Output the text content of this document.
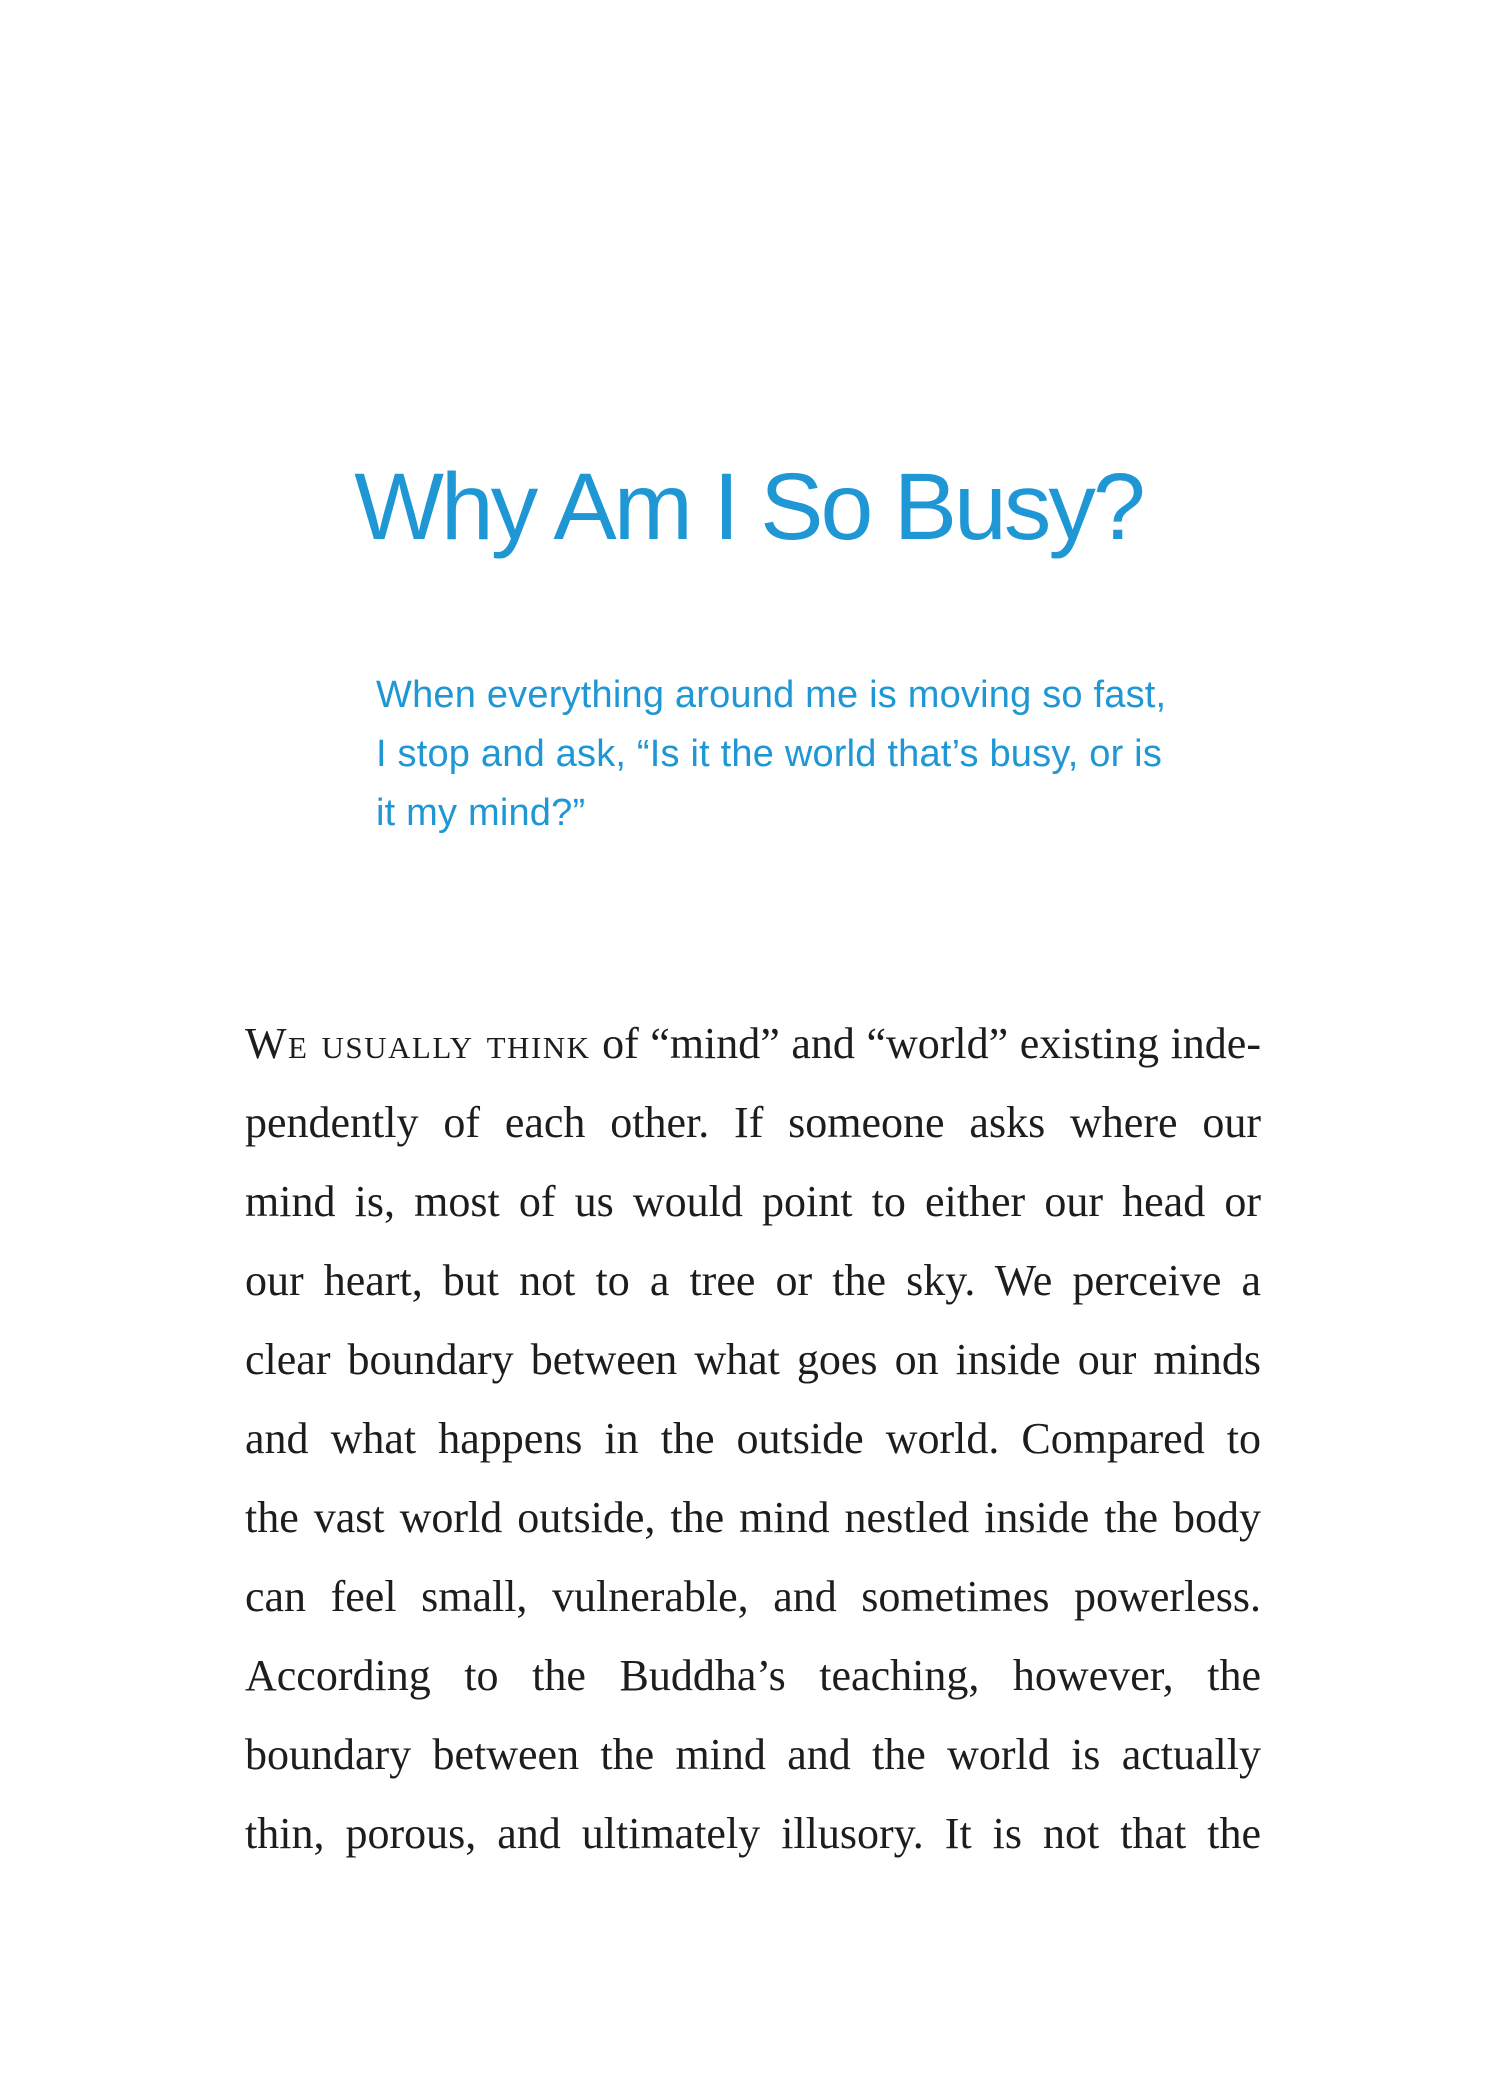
Why Am I So Busy?
When everything around me is moving so fast,
I stop and ask, “Is it the world that’s busy, or is
it my mind?”
We usually think of “mind” and “world” existing inde-
pendently of each other. If someone asks where our
mind is, most of us would point to either our head or
our heart, but not to a tree or the sky. We perceive a
clear boundary between what goes on inside our minds
and what happens in the outside world. Compared to
the vast world outside, the mind nestled inside the body
can feel small, vulnerable, and sometimes powerless.
According to the Buddha’s teaching, however, the
boundary between the mind and the world is actually
thin, porous, and ultimately illusory. It is not that the
